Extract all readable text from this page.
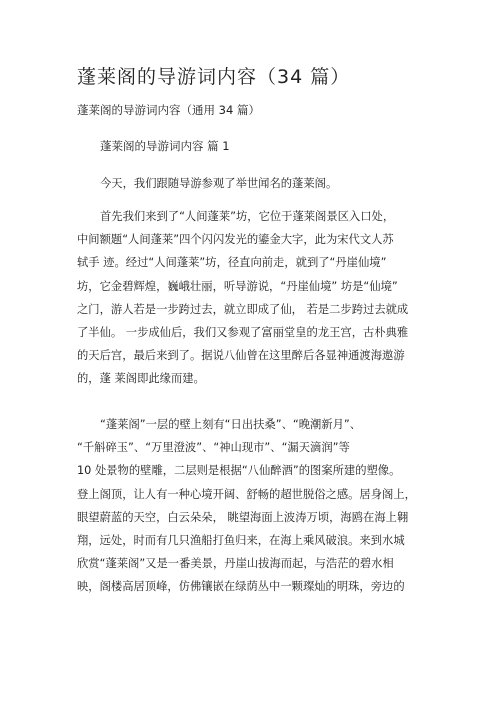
蓬莱阁的导游词内容（34 篇）

蓬莱阁的导游词内容（通用 34 篇）

蓬莱阁的导游词内容 篇 1

今天，我们跟随导游参观了举世闻名的蓬莱阁。

首先我们来到了“人间蓬莱”坊，它位于蓬莱阁景区入口处，
中间额题“人间蓬莱”四个闪闪发光的鎏金大字，此为宋代文人苏
轼手 迹。经过“人间蓬莱”坊，径直向前走，就到了“丹崖仙境”
坊，它金碧辉煌，巍峨壮丽，听导游说，“丹崖仙境” 坊是“仙境”
之门，游人若是一步跨过去，就立即成了仙， 若是二步跨过去就成
了半仙。 一步成仙后，我们又参观了富丽堂皇的龙王宫，古朴典雅
的天后宫，最后来到了。据说八仙曾在这里醉后各显神通渡海遨游
的，蓬 莱阁即此缘而建。

“蓬莱阁”一层的壁上刻有“日出扶桑”、“晚潮新月”、
“千斛碎玉”、“万里澄波”、“神山现市”、“漏天滴润”等
10 处景物的壁雕，二层则是根据“八仙醉酒”的图案所建的塑像。
登上阁顶，让人有一种心境开阔、舒畅的超世脱俗之感。居身阁上，
眼望蔚蓝的天空，白云朵朵， 眺望海面上波涛万顷，海鸥在海上翱
翔，远处，时而有几只渔船打鱼归来，在海上乘风破浪。来到水城
欣赏“蓬莱阁”又是一番美景，丹崖山拔海而起，与浩茫的碧水相
映，阁楼高居顶峰，仿佛镶嵌在绿荫丛中一颗璨灿的明珠，旁边的
